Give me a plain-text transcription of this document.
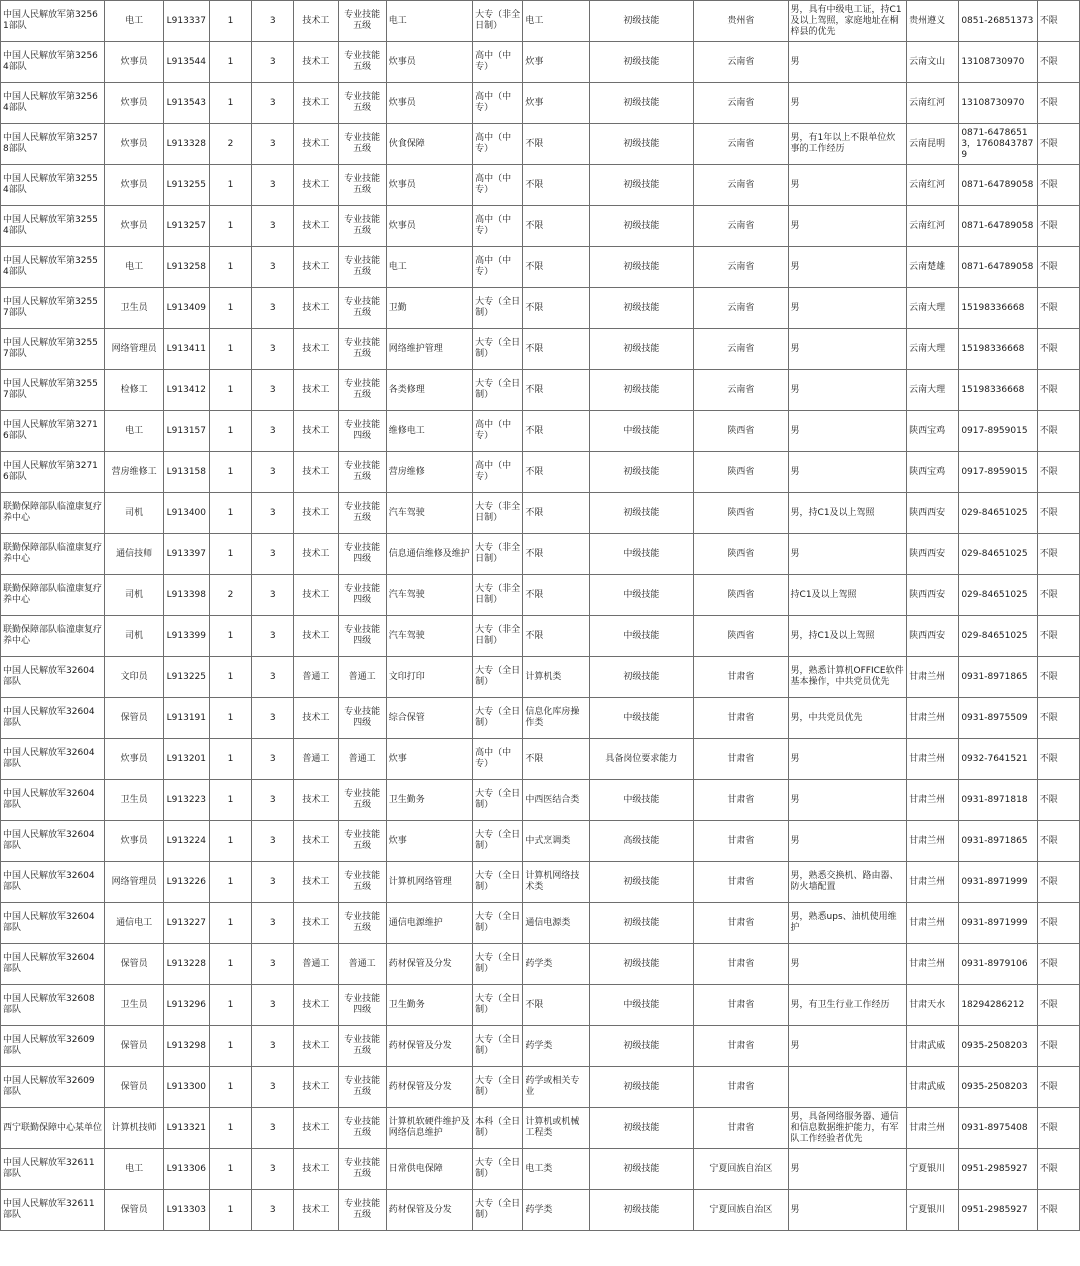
中国人民解放军第32561部队	电工	L913337	1	3	技术工	专业技能五级	电工	大专（非全日制）	电工	初级技能	贵州省	男，具有中级电工证，持C1及以上驾照，家庭地址在桐梓县的优先	贵州遵义	0851-26851373	不限
中国人民解放军第32564部队	炊事员	L913544	1	3	技术工	专业技能五级	炊事员	高中（中专）	炊事	初级技能	云南省	男	云南文山	13108730970	不限
中国人民解放军第32564部队	炊事员	L913543	1	3	技术工	专业技能五级	炊事员	高中（中专）	炊事	初级技能	云南省	男	云南红河	13108730970	不限
中国人民解放军第32578部队	炊事员	L913328	2	3	技术工	专业技能五级	伙食保障	高中（中专）	不限	初级技能	云南省	男，有1年以上不限单位炊事的工作经历	云南昆明	0871-64786513，17608437879	不限
中国人民解放军第32554部队	炊事员	L913255	1	3	技术工	专业技能五级	炊事员	高中（中专）	不限	初级技能	云南省	男	云南红河	0871-64789058	不限
中国人民解放军第32554部队	炊事员	L913257	1	3	技术工	专业技能五级	炊事员	高中（中专）	不限	初级技能	云南省	男	云南红河	0871-64789058	不限
中国人民解放军第32554部队	电工	L913258	1	3	技术工	专业技能五级	电工	高中（中专）	不限	初级技能	云南省	男	云南楚雄	0871-64789058	不限
中国人民解放军第32557部队	卫生员	L913409	1	3	技术工	专业技能五级	卫勤	大专（全日制）	不限	初级技能	云南省	男	云南大理	15198336668	不限
中国人民解放军第32557部队	网络管理员	L913411	1	3	技术工	专业技能五级	网络维护管理	大专（全日制）	不限	初级技能	云南省	男	云南大理	15198336668	不限
中国人民解放军第32557部队	检修工	L913412	1	3	技术工	专业技能五级	各类修理	大专（全日制）	不限	初级技能	云南省	男	云南大理	15198336668	不限
中国人民解放军第32716部队	电工	L913157	1	3	技术工	专业技能四级	维修电工	高中（中专）	不限	中级技能	陕西省	男	陕西宝鸡	0917-8959015	不限
中国人民解放军第32716部队	营房维修工	L913158	1	3	技术工	专业技能五级	营房维修	高中（中专）	不限	初级技能	陕西省	男	陕西宝鸡	0917-8959015	不限
联勤保障部队临潼康复疗养中心	司机	L913400	1	3	技术工	专业技能五级	汽车驾驶	大专（非全日制）	不限	初级技能	陕西省	男，持C1及以上驾照	陕西西安	029-84651025	不限
联勤保障部队临潼康复疗养中心	通信技师	L913397	1	3	技术工	专业技能四级	信息通信维修及维护	大专（非全日制）	不限	中级技能	陕西省	男	陕西西安	029-84651025	不限
联勤保障部队临潼康复疗养中心	司机	L913398	2	3	技术工	专业技能四级	汽车驾驶	大专（非全日制）	不限	中级技能	陕西省	持C1及以上驾照	陕西西安	029-84651025	不限
联勤保障部队临潼康复疗养中心	司机	L913399	1	3	技术工	专业技能四级	汽车驾驶	大专（非全日制）	不限	中级技能	陕西省	男，持C1及以上驾照	陕西西安	029-84651025	不限
中国人民解放军32604部队	文印员	L913225	1	3	普通工	普通工	文印打印	大专（全日制）	计算机类	初级技能	甘肃省	男，熟悉计算机OFFICE软件基本操作，中共党员优先	甘肃兰州	0931-8971865	不限
中国人民解放军32604部队	保管员	L913191	1	3	技术工	专业技能四级	综合保管	大专（全日制）	信息化库房操作类	中级技能	甘肃省	男，中共党员优先	甘肃兰州	0931-8975509	不限
中国人民解放军32604部队	炊事员	L913201	1	3	普通工	普通工	炊事	高中（中专）	不限	具备岗位要求能力	甘肃省	男	甘肃兰州	0932-7641521	不限
中国人民解放军32604部队	卫生员	L913223	1	3	技术工	专业技能五级	卫生勤务	大专（全日制）	中西医结合类	中级技能	甘肃省	男	甘肃兰州	0931-8971818	不限
中国人民解放军32604部队	炊事员	L913224	1	3	技术工	专业技能五级	炊事	大专（全日制）	中式烹调类	高级技能	甘肃省	男	甘肃兰州	0931-8971865	不限
中国人民解放军32604部队	网络管理员	L913226	1	3	技术工	专业技能五级	计算机网络管理	大专（全日制）	计算机网络技术类	初级技能	甘肃省	男，熟悉交换机、路由器、防火墙配置	甘肃兰州	0931-8971999	不限
中国人民解放军32604部队	通信电工	L913227	1	3	技术工	专业技能五级	通信电源维护	大专（全日制）	通信电源类	初级技能	甘肃省	男，熟悉ups、油机使用维护	甘肃兰州	0931-8971999	不限
中国人民解放军32604部队	保管员	L913228	1	3	普通工	普通工	药材保管及分发	大专（全日制）	药学类	初级技能	甘肃省	男	甘肃兰州	0931-8979106	不限
中国人民解放军32608部队	卫生员	L913296	1	3	技术工	专业技能四级	卫生勤务	大专（全日制）	不限	中级技能	甘肃省	男，有卫生行业工作经历	甘肃天水	18294286212	不限
中国人民解放军32609部队	保管员	L913298	1	3	技术工	专业技能五级	药材保管及分发	大专（全日制）	药学类	初级技能	甘肃省	男	甘肃武威	0935-2508203	不限
中国人民解放军32609部队	保管员	L913300	1	3	技术工	专业技能五级	药材保管及分发	大专（全日制）	药学或相关专业	初级技能	甘肃省		甘肃武威	0935-2508203	不限
西宁联勤保障中心某单位	计算机技师	L913321	1	3	技术工	专业技能五级	计算机软硬件维护及网络信息维护	本科（全日制）	计算机或机械工程类	初级技能	甘肃省	男，具备网络服务器、通信和信息数据维护能力，有军队工作经验者优先	甘肃兰州	0931-8975408	不限
中国人民解放军32611部队	电工	L913306	1	3	技术工	专业技能五级	日常供电保障	大专（全日制）	电工类	初级技能	宁夏回族自治区	男	宁夏银川	0951-2985927	不限
中国人民解放军32611部队	保管员	L913303	1	3	技术工	专业技能五级	药材保管及分发	大专（全日制）	药学类	初级技能	宁夏回族自治区	男	宁夏银川	0951-2985927	不限
